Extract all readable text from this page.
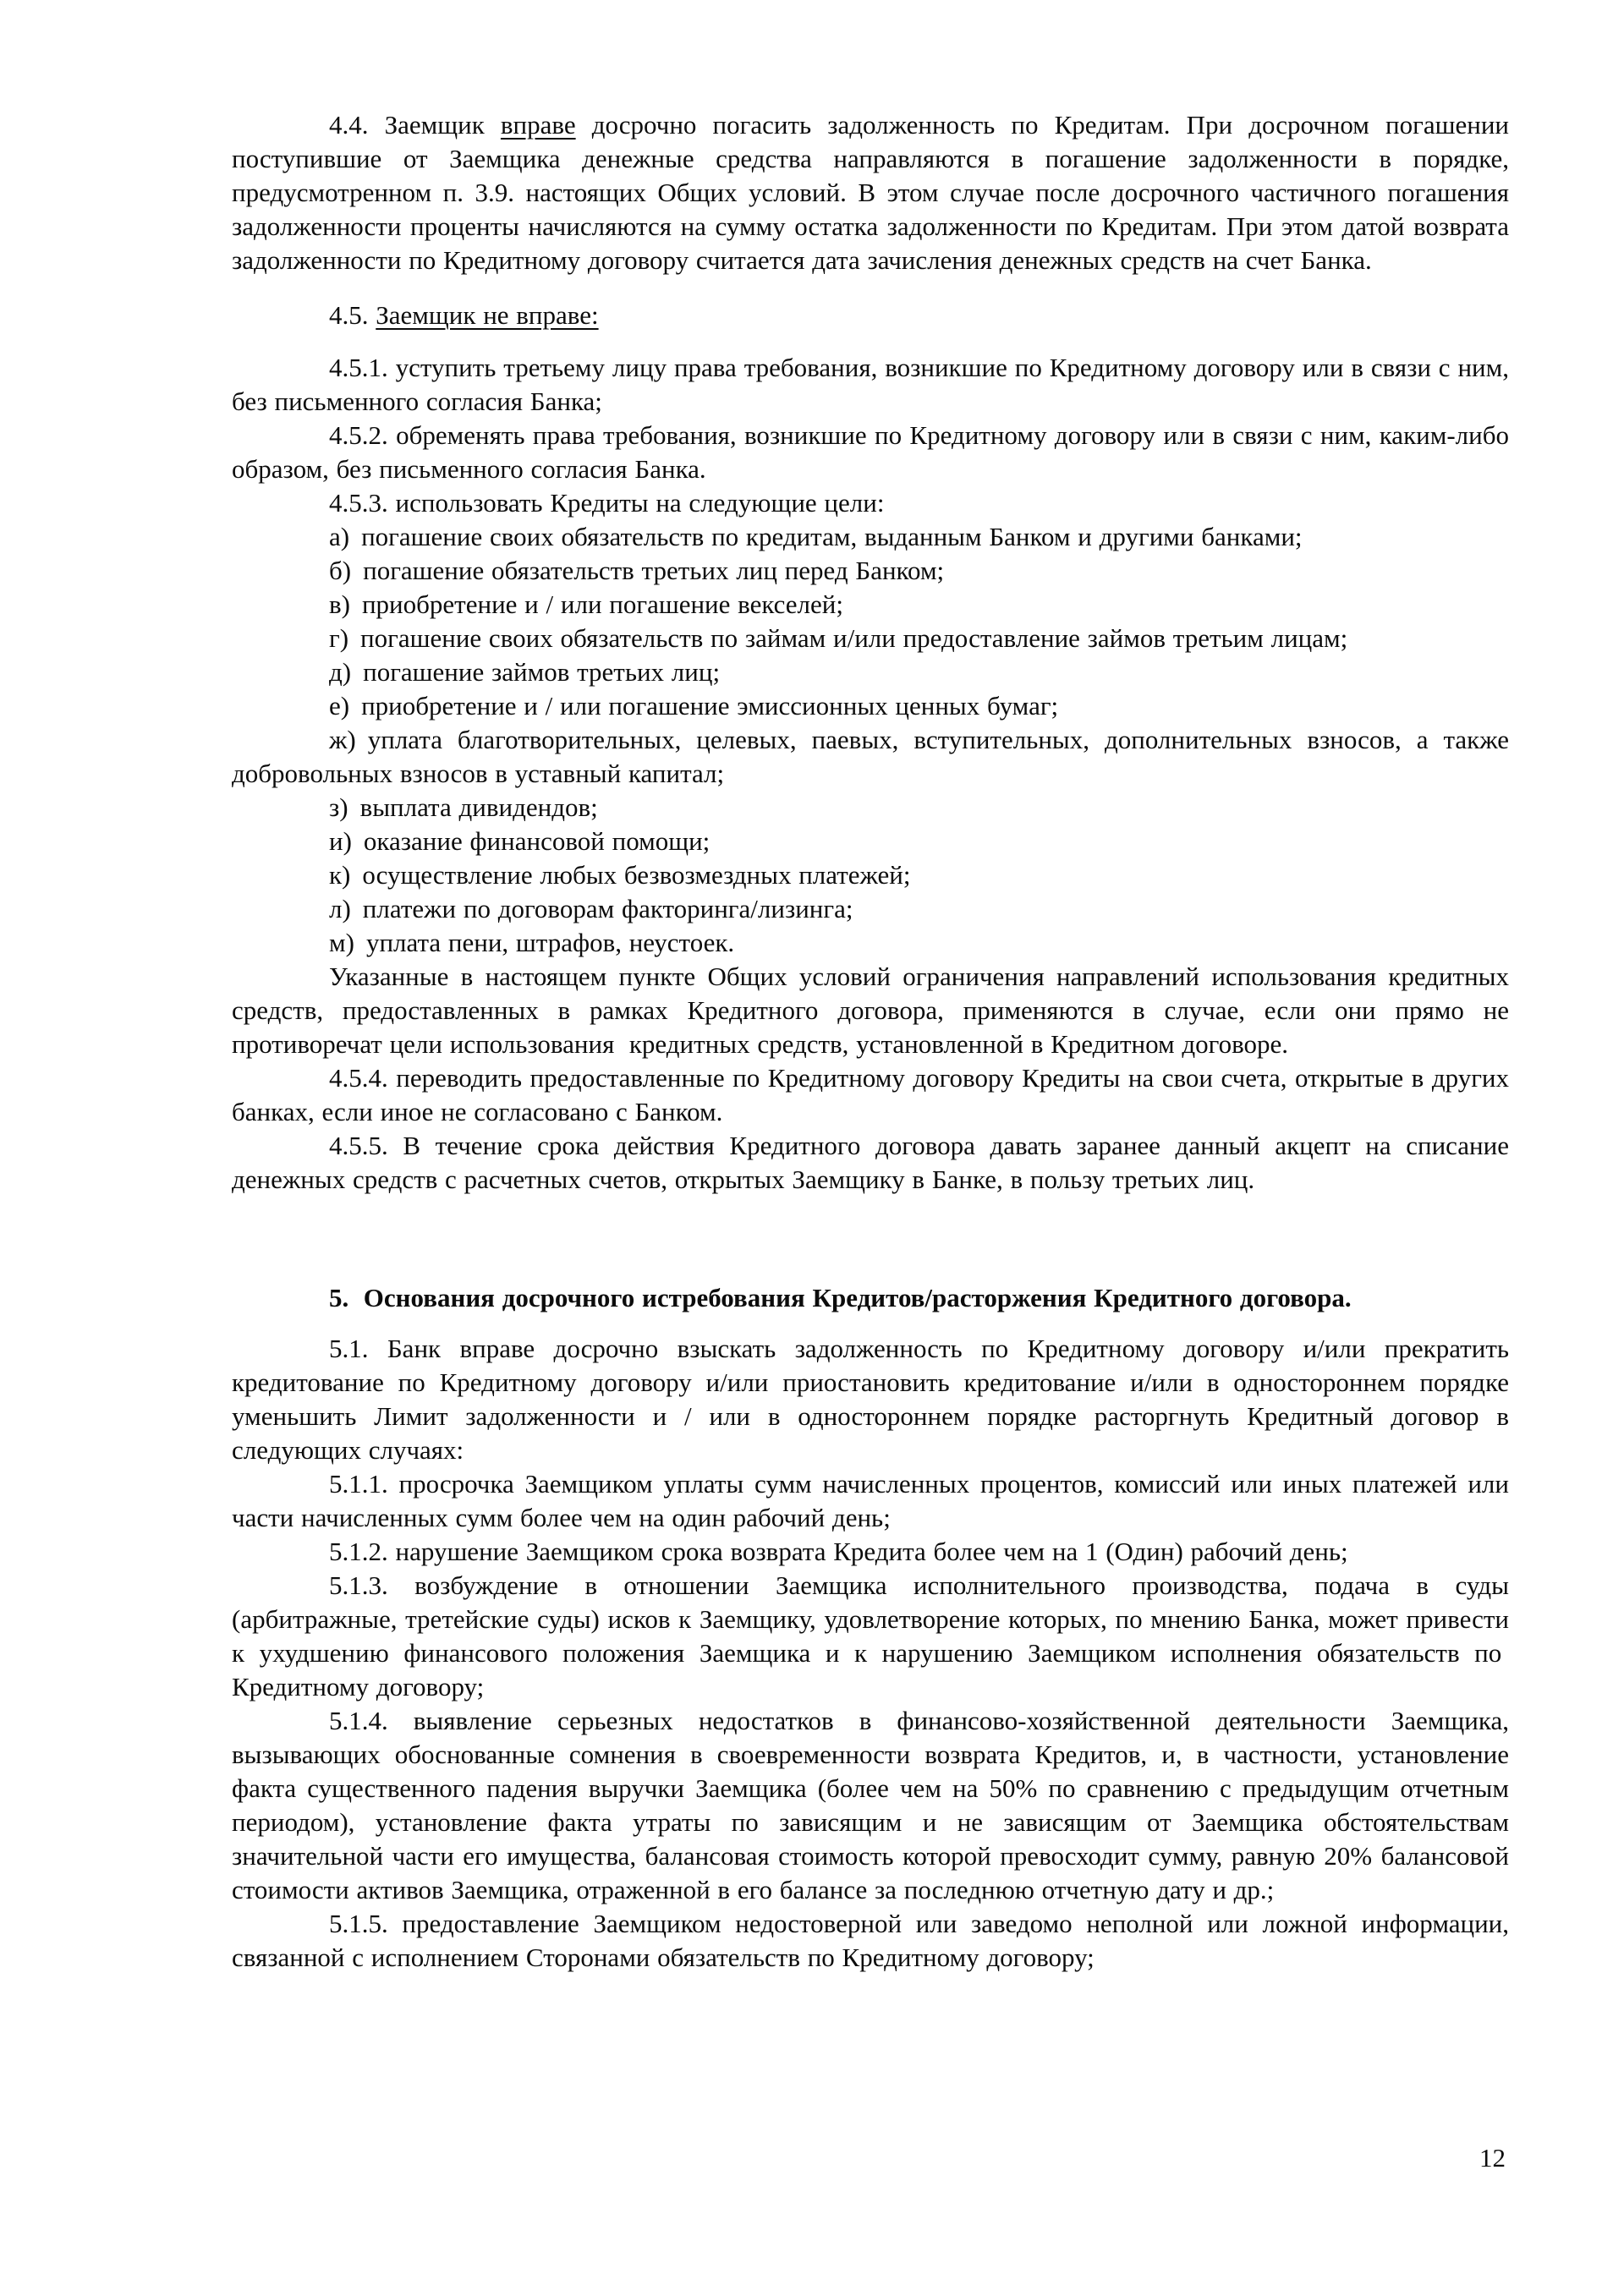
4.4. Заемщик вправе досрочно погасить задолженность по Кредитам. При досрочном погашении поступившие от Заемщика денежные средства направляются в погашение задолженности в порядке, предусмотренном п. 3.9. настоящих Общих условий. В этом случае после досрочного частичного погашения задолженности проценты начисляются на сумму остатка задолженности по Кредитам. При этом датой возврата задолженности по Кредитному договору считается дата зачисления денежных средств на счет Банка.

4.5. Заемщик не вправе:

4.5.1. уступить третьему лицу права требования, возникшие по Кредитному договору или в связи с ним, без письменного согласия Банка;

4.5.2. обременять права требования, возникшие по Кредитному договору или в связи с ним, каким-либо образом, без письменного согласия Банка.

4.5.3. использовать Кредиты на следующие цели:

а) погашение своих обязательств по кредитам, выданным Банком и другими банками;

б) погашение обязательств третьих лиц перед Банком;

в) приобретение и / или погашение векселей;

г) погашение своих обязательств по займам и/или предоставление займов третьим лицам;

д) погашение займов третьих лиц;

е) приобретение и / или погашение эмиссионных ценных бумаг;

ж) уплата благотворительных, целевых, паевых, вступительных, дополнительных взносов, а также добровольных взносов в уставный капитал;

з) выплата дивидендов;

и) оказание финансовой помощи;

к) осуществление любых безвозмездных платежей;

л) платежи по договорам факторинга/лизинга;

м) уплата пени, штрафов, неустоек.

Указанные в настоящем пункте Общих условий ограничения направлений использования кредитных средств, предоставленных в рамках Кредитного договора, применяются в случае, если они прямо не противоречат цели использования  кредитных средств, установленной в Кредитном договоре.

4.5.4. переводить предоставленные по Кредитному договору Кредиты на свои счета, открытые в других банках, если иное не согласовано с Банком.

4.5.5. В течение срока действия Кредитного договора давать заранее данный акцепт на списание денежных средств с расчетных счетов, открытых Заемщику в Банке, в пользу третьих лиц.

5.  Основания досрочного истребования Кредитов/расторжения Кредитного договора.

5.1. Банк вправе досрочно взыскать задолженность по Кредитному договору и/или прекратить кредитование по Кредитному договору и/или приостановить кредитование и/или в одностороннем порядке уменьшить Лимит задолженности и / или в одностороннем порядке расторгнуть Кредитный договор в следующих случаях:

5.1.1. просрочка Заемщиком уплаты сумм начисленных процентов, комиссий или иных платежей или части начисленных сумм более чем на один рабочий день;

5.1.2. нарушение Заемщиком срока возврата Кредита более чем на 1 (Один) рабочий день;

5.1.3. возбуждение в отношении Заемщика исполнительного производства, подача в суды (арбитражные, третейские суды) исков к Заемщику, удовлетворение которых, по мнению Банка, может привести к ухудшению финансового положения Заемщика и к нарушению Заемщиком исполнения обязательств по  Кредитному договору;

5.1.4. выявление серьезных недостатков в финансово-хозяйственной деятельности Заемщика, вызывающих обоснованные сомнения в своевременности возврата Кредитов, и, в частности, установление факта существенного падения выручки Заемщика (более чем на 50% по сравнению с предыдущим отчетным периодом), установление факта утраты по зависящим и не зависящим от Заемщика обстоятельствам значительной части его имущества, балансовая стоимость которой превосходит сумму, равную 20% балансовой стоимости активов Заемщика, отраженной в его балансе за последнюю отчетную дату и др.;

5.1.5. предоставление Заемщиком недостоверной или заведомо неполной или ложной информации, связанной с исполнением Сторонами обязательств по Кредитному договору;

12
